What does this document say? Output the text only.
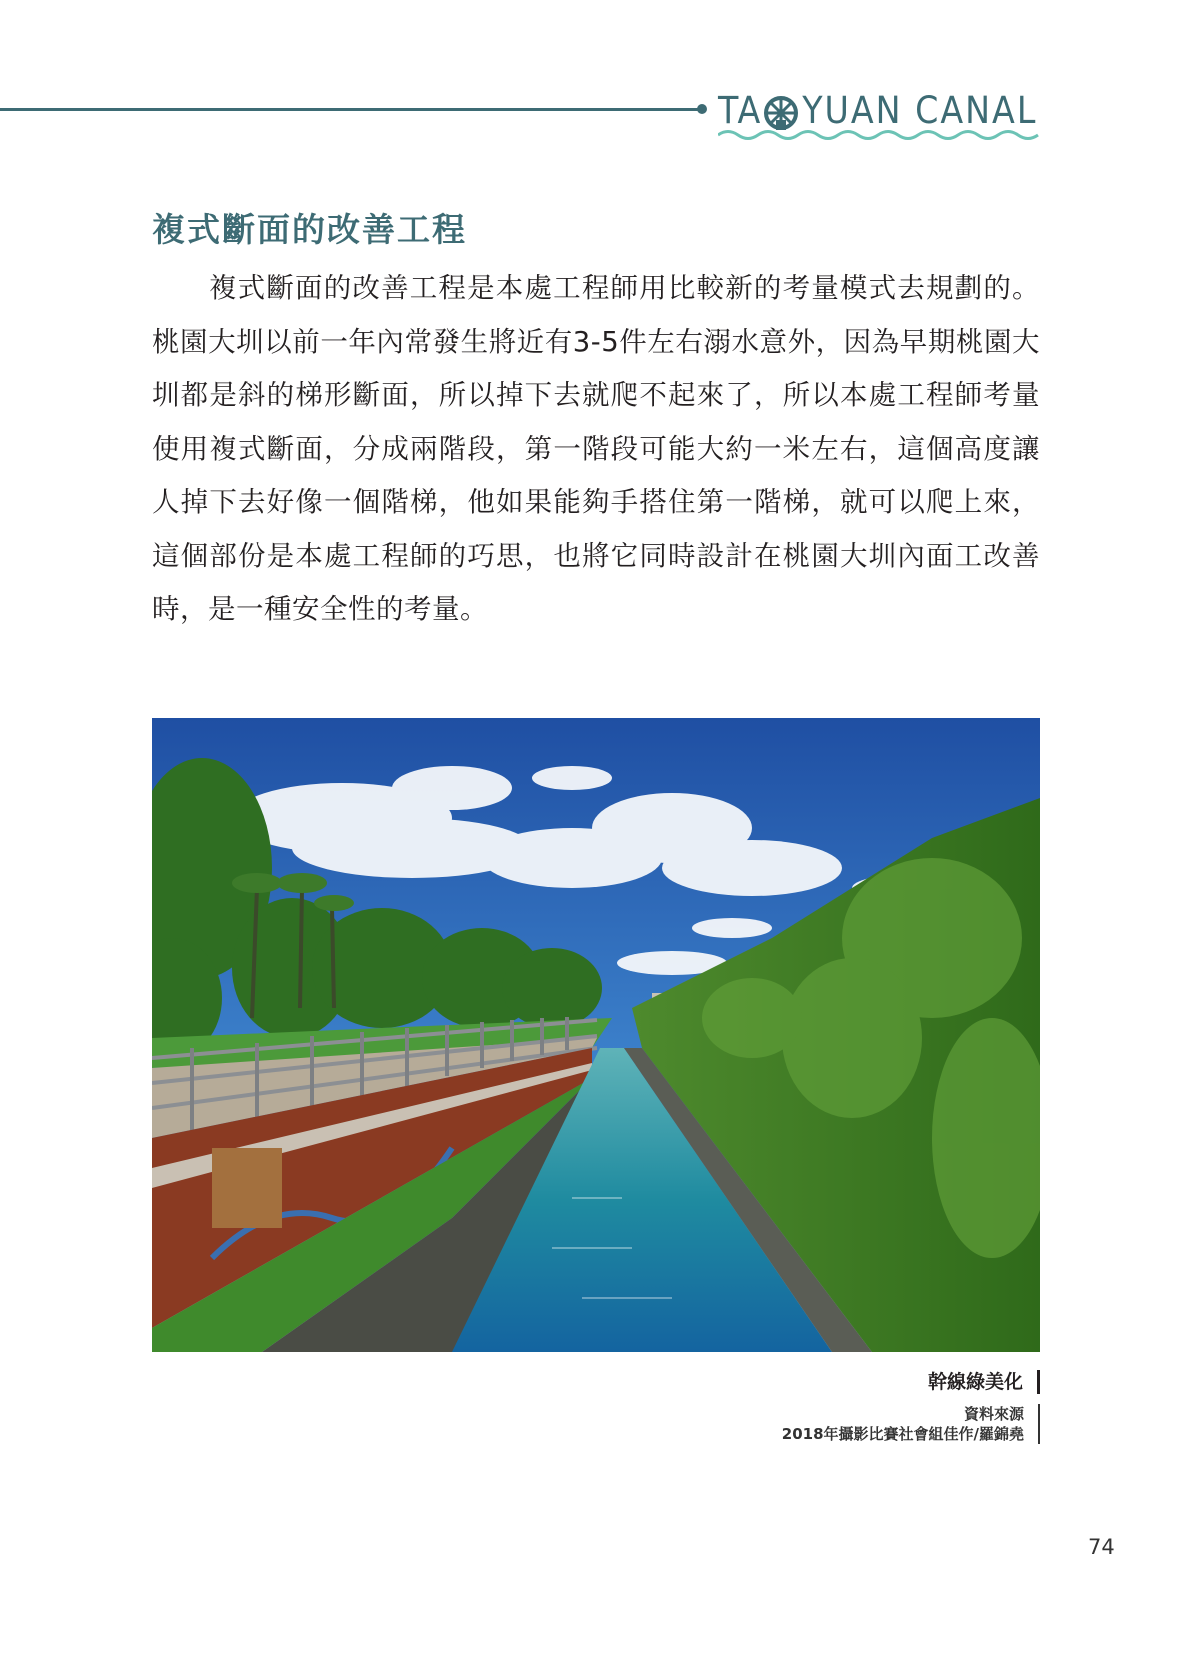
TA YUAN CANAL
複式斷面的改善工程

複式斷面的改善工程是本處工程師用比較新的考量模式去規劃的。桃園大圳以前一年內常發生將近有3-5件左右溺水意外，因為早期桃園大圳都是斜的梯形斷面，所以掉下去就爬不起來了，所以本處工程師考量使用複式斷面，分成兩階段，第一階段可能大約一米左右，這個高度讓人掉下去好像一個階梯，他如果能夠手搭住第一階梯，就可以爬上來，這個部份是本處工程師的巧思，也將它同時設計在桃園大圳內面工改善時，是一種安全性的考量。

幹線綠美化
資料來源
2018年攝影比賽社會組佳作/羅錦堯
74
